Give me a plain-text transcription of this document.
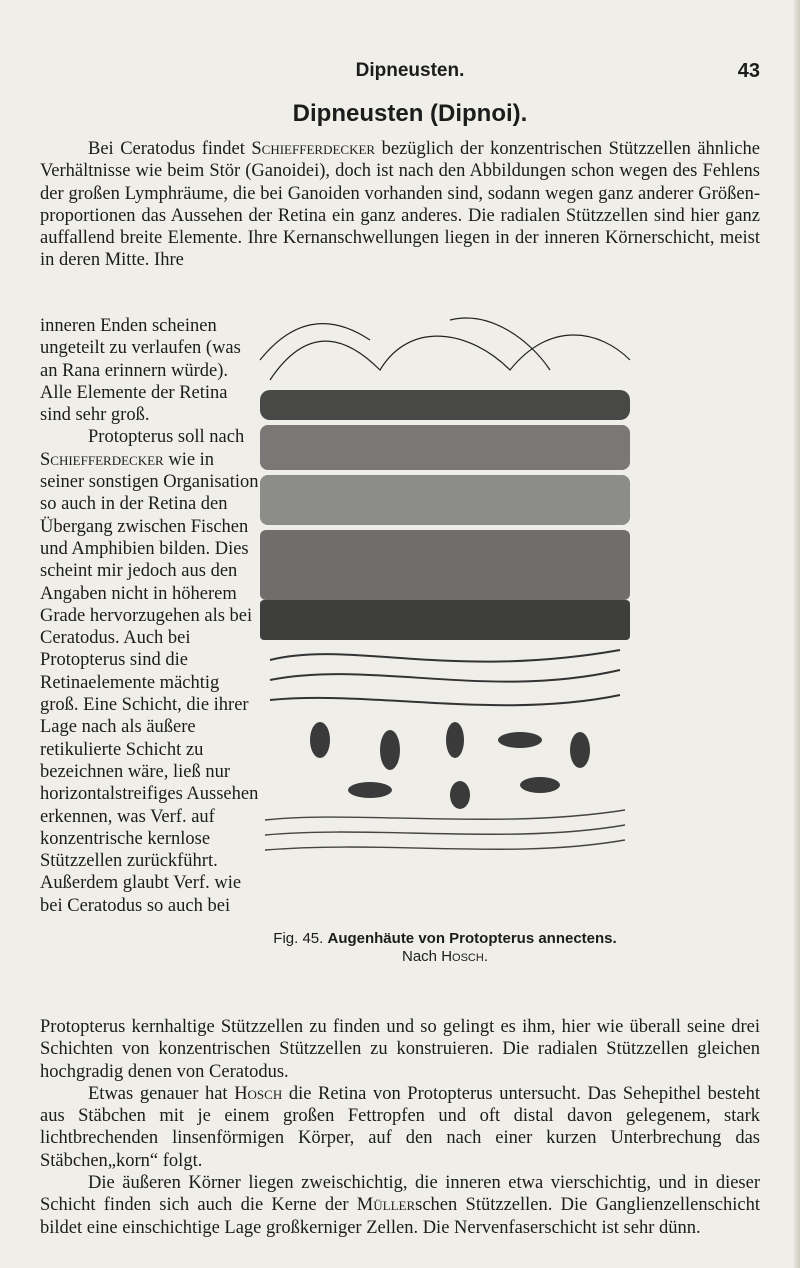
Dipneusten.	43
Dipneusten (Dipnoi).

Bei Ceratodus findet Schiefferdecker bezüglich der konzentrischen Stützzellen ähnliche Verhältnisse wie beim Stör (Ganoidei), doch ist nach den Abbildungen schon wegen des Fehlens der großen Lymphräume, die bei Ganoiden vorhanden sind, sodann wegen ganz anderer Größenproportionen das Aussehen der Retina ein ganz anderes. Die radialen Stützzellen sind hier ganz auffallend breite Elemente. Ihre Kernanschwellungen liegen in der inneren Körnerschicht, meist in deren Mitte. Ihre

inneren Enden scheinen ungeteilt zu verlaufen (was an Rana erinnern würde). Alle Elemente der Retina sind sehr groß.
Protopterus soll nach Schiefferdecker wie in seiner sonstigen Organisation so auch in der Retina den Übergang zwischen Fischen und Amphibien bilden. Dies scheint mir jedoch aus den Angaben nicht in höherem Grade hervorzugehen als bei Ceratodus. Auch bei Protopterus sind die Retinaelemente mächtig groß. Eine Schicht, die ihrer Lage nach als äußere retikulierte Schicht zu bezeichnen wäre, ließ nur horizontalstreifiges Aussehen erkennen, was Verf. auf konzentrische kernlose Stützzellen zurückführt. Außerdem glaubt Verf. wie bei Ceratodus so auch bei

Fig. 45. Augenhäute von Protopterus annectens.
Nach Hosch.

Protopterus kernhaltige Stützzellen zu finden und so gelingt es ihm, hier wie überall seine drei Schichten von konzentrischen Stützzellen zu konstruieren. Die radialen Stützzellen gleichen hochgradig denen von Ceratodus.
Etwas genauer hat Hosch die Retina von Protopterus untersucht. Das Sehepithel besteht aus Stäbchen mit je einem großen Fettropfen und oft distal davon gelegenem, stark lichtbrechenden linsenförmigen Körper, auf den nach einer kurzen Unterbrechung das Stäbchen„korn“ folgt.
Die äußeren Körner liegen zweischichtig, die inneren etwa vierschichtig, und in dieser Schicht finden sich auch die Kerne der Müllerschen Stützzellen. Die Ganglienzellenschicht bildet eine einschichtige Lage großkerniger Zellen. Die Nervenfaserschicht ist sehr dünn.
